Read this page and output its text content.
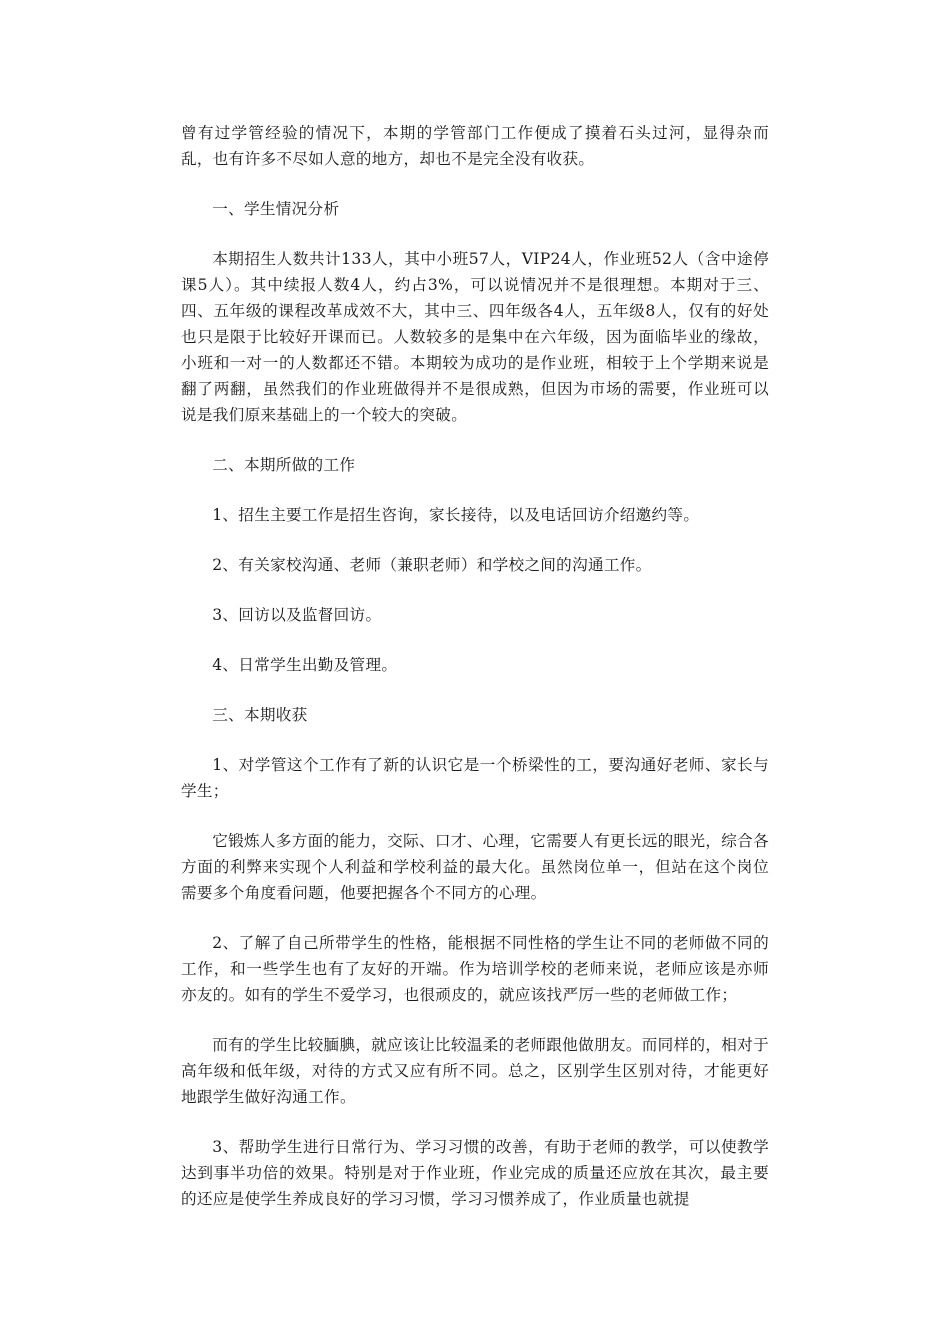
曾有过学管经验的情况下，本期的学管部门工作便成了摸着石头过河，显得杂而乱，也有许多不尽如人意的地方，却也不是完全没有收获。

一、学生情况分析

本期招生人数共计133人，其中小班57人，VIP24人，作业班52人（含中途停课5人）。其中续报人数4人，约占3%，可以说情况并不是很理想。本期对于三、四、五年级的课程改革成效不大，其中三、四年级各4人，五年级8人，仅有的好处也只是限于比较好开课而已。人数较多的是集中在六年级，因为面临毕业的缘故，小班和一对一的人数都还不错。本期较为成功的是作业班，相较于上个学期来说是翻了两翻，虽然我们的作业班做得并不是很成熟，但因为市场的需要，作业班可以说是我们原来基础上的一个较大的突破。

二、本期所做的工作

1、招生主要工作是招生咨询，家长接待，以及电话回访介绍邀约等。

2、有关家校沟通、老师（兼职老师）和学校之间的沟通工作。

3、回访以及监督回访。

4、日常学生出勤及管理。

三、本期收获

1、对学管这个工作有了新的认识它是一个桥梁性的工，要沟通好老师、家长与学生；

它锻炼人多方面的能力，交际、口才、心理，它需要人有更长远的眼光，综合各方面的利弊来实现个人利益和学校利益的最大化。虽然岗位单一，但站在这个岗位需要多个角度看问题，他要把握各个不同方的心理。

2、了解了自己所带学生的性格，能根据不同性格的学生让不同的老师做不同的工作，和一些学生也有了友好的开端。作为培训学校的老师来说，老师应该是亦师亦友的。如有的学生不爱学习，也很顽皮的，就应该找严厉一些的老师做工作；

而有的学生比较腼腆，就应该让比较温柔的老师跟他做朋友。而同样的，相对于高年级和低年级，对待的方式又应有所不同。总之，区别学生区别对待，才能更好地跟学生做好沟通工作。

3、帮助学生进行日常行为、学习习惯的改善，有助于老师的教学，可以使教学达到事半功倍的效果。特别是对于作业班，作业完成的质量还应放在其次，最主要的还应是使学生养成良好的学习习惯，学习习惯养成了，作业质量也就提
